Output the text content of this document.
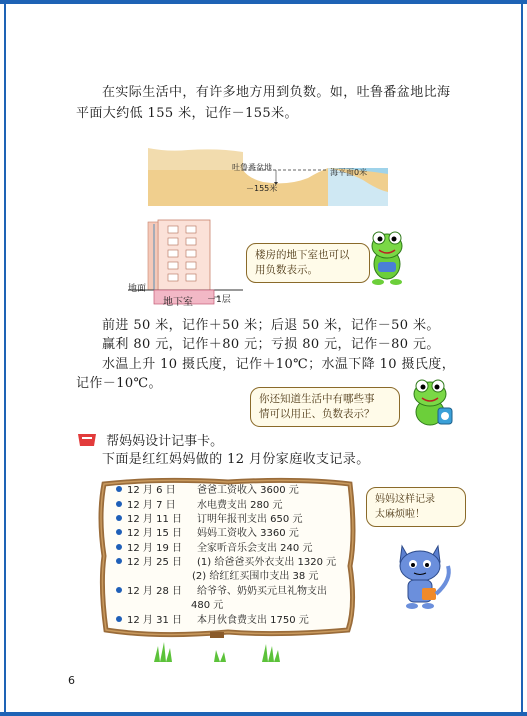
在实际生活中，有许多地方用到负数。如，吐鲁番盆地比海
平面大约低 155 米，记作－155米。
吐鲁番盆地
－155米
海平面0米
地面
地下室 －1层
楼房的地下室也可以
用负数表示。
前进 50 米，记作＋50 米；后退 50 米，记作－50 米。
赢利 80 元，记作＋80 元；亏损 80 元，记作－80 元。
水温上升 10 摄氏度，记作＋10℃；水温下降 10 摄氏度，
记作－10℃。
你还知道生活中有哪些事
情可以用正、负数表示？
帮妈妈设计记事卡。
下面是红红妈妈做的 12 月份家庭收支记录。
12 月 6 日 爸爸工资收入 3600 元
12 月 7 日 水电费支出 280 元
12 月 11 日 订明年报刊支出 650 元
12 月 15 日 妈妈工资收入 3360 元
12 月 19 日 全家听音乐会支出 240 元
12 月 25 日 (1) 给爸爸买外衣支出 1320 元
(2) 给红红买围巾支出 38 元
12 月 28 日 给爷爷、奶奶买元旦礼物支出
480 元
12 月 31 日 本月伙食费支出 1750 元
妈妈这样记录
太麻烦啦！
6
